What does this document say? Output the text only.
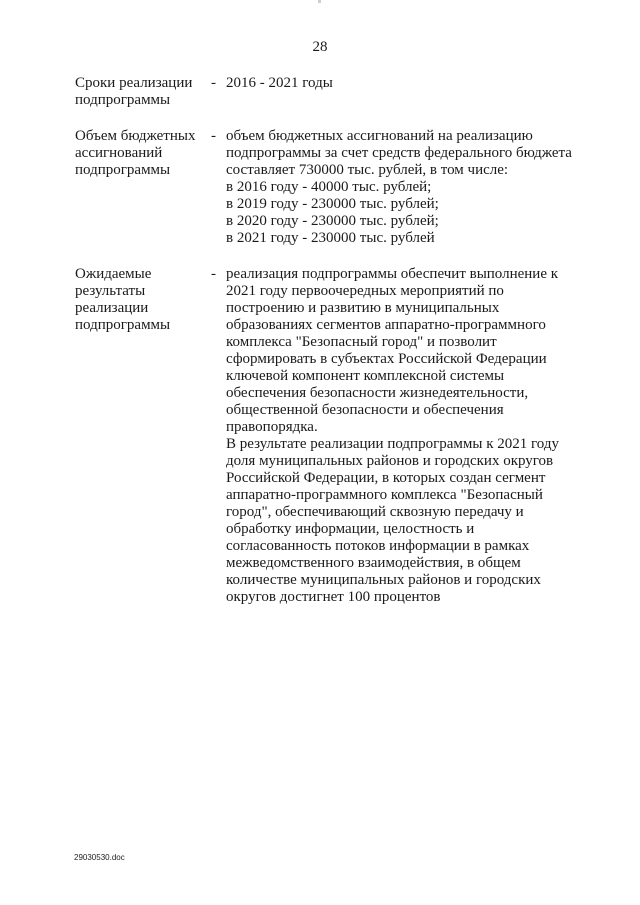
28
Сроки реализации подпрограммы
- 2016 - 2021 годы

Объем бюджетных ассигнований подпрограммы
- объем бюджетных ассигнований на реализацию подпрограммы за счет средств федерального бюджета составляет 730000 тыс. рублей, в том числе:

в 2016 году - 40000 тыс. рублей;

в 2019 году - 230000 тыс. рублей;

в 2020 году - 230000 тыс. рублей;

в 2021 году - 230000 тыс. рублей

Ожидаемые результаты реализации подпрограммы
- реализация подпрограммы обеспечит выполнение к 2021 году первоочередных мероприятий по построению и развитию в муниципальных образованиях сегментов аппаратно-программного комплекса "Безопасный город" и позволит сформировать в субъектах Российской Федерации ключевой компонент комплексной системы обеспечения безопасности жизнедеятельности, общественной безопасности и обеспечения правопорядка.

В результате реализации подпрограммы к 2021 году доля муниципальных районов и городских округов Российской Федерации, в которых создан сегмент аппаратно-программного комплекса "Безопасный город", обеспечивающий сквозную передачу и обработку информации, целостность и согласованность потоков информации в рамках межведомственного взаимодействия, в общем количестве муниципальных районов и городских округов достигнет 100 процентов

29030530.doc
